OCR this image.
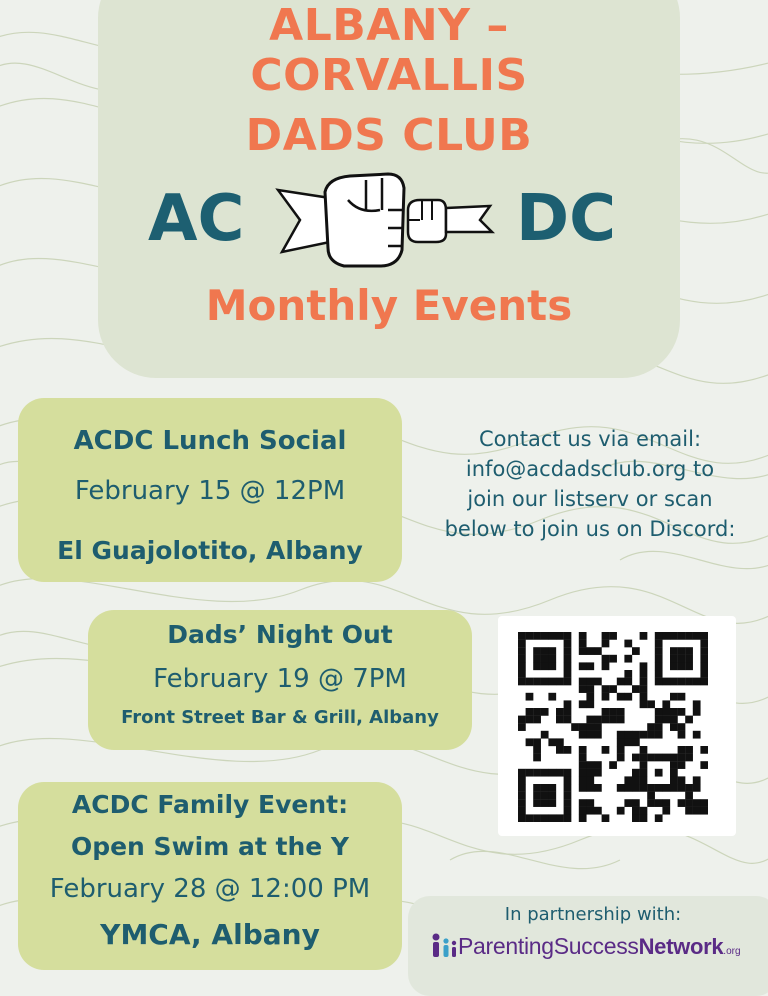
ALBANY –
CORVALLIS
DADS CLUB
AC	DC
Monthly Events
ACDC Lunch Social
February 15 @ 12PM
El Guajolotito, Albany
Dads’ Night Out
February 19 @ 7PM
Front Street Bar & Grill, Albany
ACDC Family Event:
Open Swim at the Y
February 28 @ 12:00 PM
YMCA, Albany
Contact us via email:
info@acdadsclub.org to
join our listserv or scan
below to join us on Discord:
In partnership with:
ParentingSuccessNetwork.org
